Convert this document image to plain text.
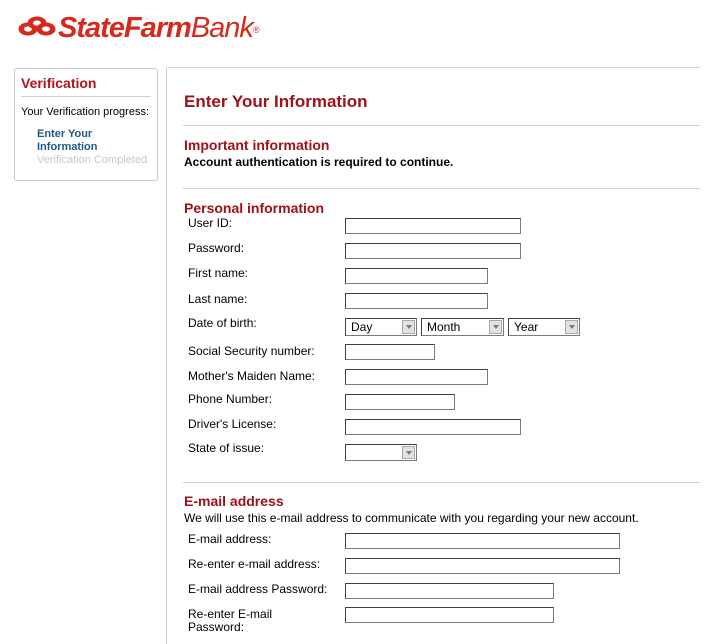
StateFarmBank ®
Verification
Your Verification progress:
Enter Your Information
Verification Completed
Enter Your Information
Important information
Account authentication is required to continue.
Personal information
User ID:
Password:
First name:
Last name:
Date of birth:	Day	Month	Year
Social Security number:
Mother's Maiden Name:
Phone Number:
Driver's License:
State of issue:
E-mail address
We will use this e-mail address to communicate with you regarding your new account.
E-mail address:
Re-enter e-mail address:
E-mail address Password:
Re-enter E-mail
Password:
